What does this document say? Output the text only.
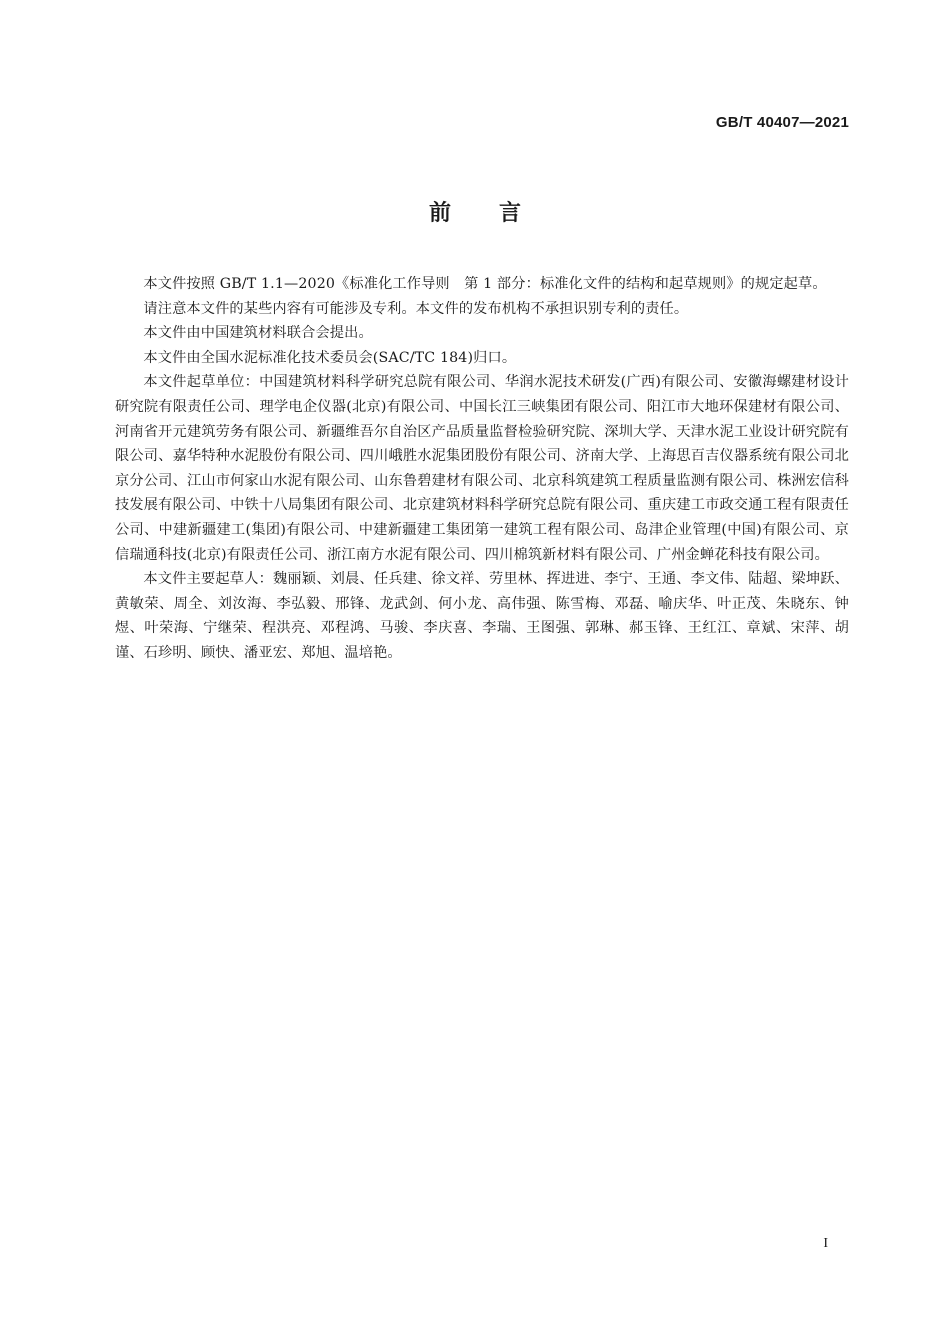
GB/T 40407—2021
前言

本文件按照 GB/T 1.1—2020《标准化工作导则　第 1 部分：标准化文件的结构和起草规则》的规定起草。

请注意本文件的某些内容有可能涉及专利。本文件的发布机构不承担识别专利的责任。

本文件由中国建筑材料联合会提出。

本文件由全国水泥标准化技术委员会(SAC/TC 184)归口。

本文件起草单位：中国建筑材料科学研究总院有限公司、华润水泥技术研发(广西)有限公司、安徽海螺建材设计研究院有限责任公司、理学电企仪器(北京)有限公司、中国长江三峡集团有限公司、阳江市大地环保建材有限公司、河南省开元建筑劳务有限公司、新疆维吾尔自治区产品质量监督检验研究院、深圳大学、天津水泥工业设计研究院有限公司、嘉华特种水泥股份有限公司、四川峨胜水泥集团股份有限公司、济南大学、上海思百吉仪器系统有限公司北京分公司、江山市何家山水泥有限公司、山东鲁碧建材有限公司、北京科筑建筑工程质量监测有限公司、株洲宏信科技发展有限公司、中铁十八局集团有限公司、北京建筑材料科学研究总院有限公司、重庆建工市政交通工程有限责任公司、中建新疆建工(集团)有限公司、中建新疆建工集团第一建筑工程有限公司、岛津企业管理(中国)有限公司、京信瑞通科技(北京)有限责任公司、浙江南方水泥有限公司、四川棉筑新材料有限公司、广州金蝉花科技有限公司。

本文件主要起草人：魏丽颖、刘晨、任兵建、徐文祥、劳里林、挥进进、李宁、王通、李文伟、陆超、梁坤跃、黄敏荣、周全、刘汝海、李弘毅、邢锋、龙武剑、何小龙、高伟强、陈雪梅、邓磊、喻庆华、叶正茂、朱晓东、钟煜、叶荣海、宁继荣、程洪亮、邓程鸿、马骏、李庆喜、李瑞、王图强、郭琳、郝玉锋、王红江、章斌、宋萍、胡谨、石珍明、顾快、潘亚宏、郑旭、温培艳。

I
